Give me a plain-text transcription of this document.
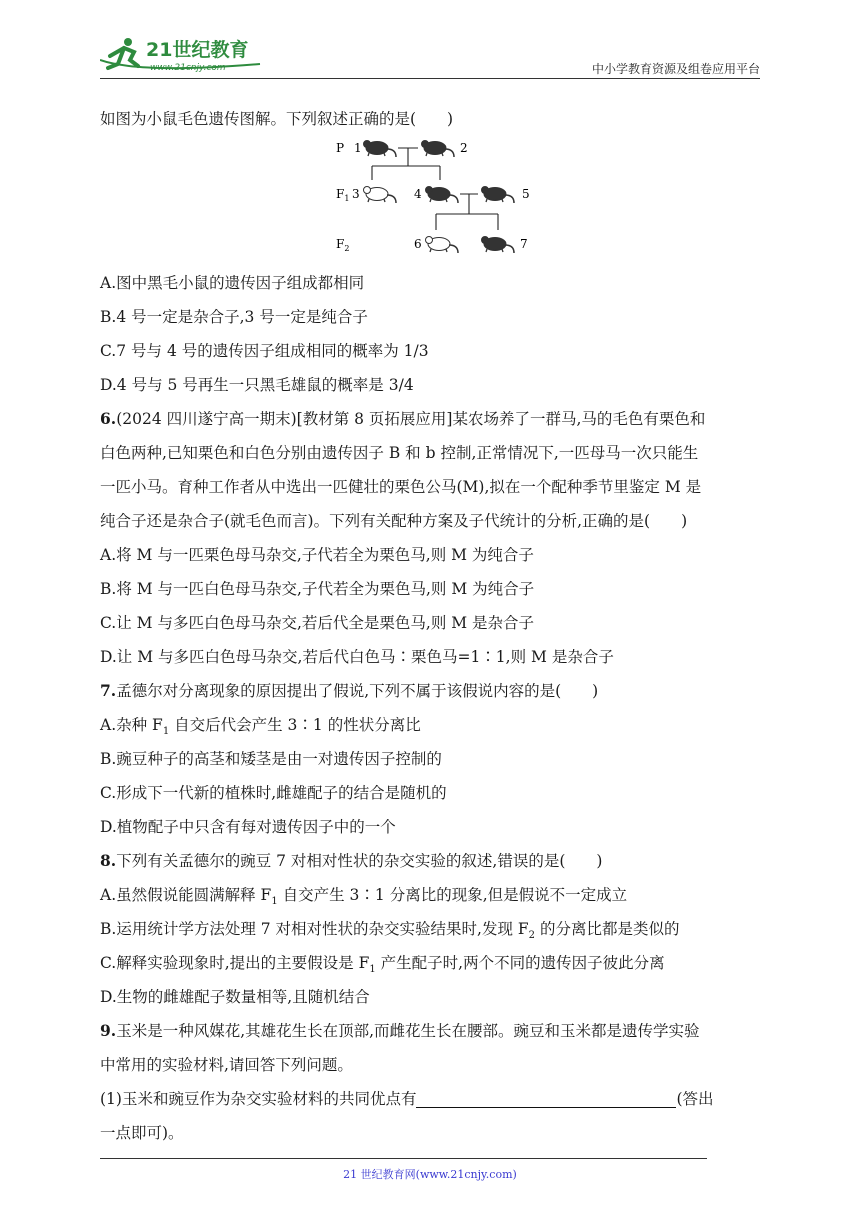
21世纪教育
www.21cnjy.com	中小学教育资源及组卷应用平台
如图为小鼠毛色遗传图解。下列叙述正确的是(　　)
P
$F_1$
$F_2$
1	2
3	4	5
6	7
A.图中黑毛小鼠的遗传因子组成都相同
B.4 号一定是杂合子,3 号一定是纯合子
C.7 号与 4 号的遗传因子组成相同的概率为 1/3
D.4 号与 5 号再生一只黑毛雄鼠的概率是 3/4
6.(2024 四川遂宁高一期末)[教材第 8 页拓展应用]某农场养了一群马,马的毛色有栗色和
白色两种,已知栗色和白色分别由遗传因子 B 和 b 控制,正常情况下,一匹母马一次只能生
一匹小马。育种工作者从中选出一匹健壮的栗色公马(M),拟在一个配种季节里鉴定 M 是
纯合子还是杂合子(就毛色而言)。下列有关配种方案及子代统计的分析,正确的是(　　)
A.将 M 与一匹栗色母马杂交,子代若全为栗色马,则 M 为纯合子
B.将 M 与一匹白色母马杂交,子代若全为栗色马,则 M 为纯合子
C.让 M 与多匹白色母马杂交,若后代全是栗色马,则 M 是杂合子
D.让 M 与多匹白色母马杂交,若后代白色马∶栗色马=1∶1,则 M 是杂合子
7.孟德尔对分离现象的原因提出了假说,下列不属于该假说内容的是(　　)
A.杂种 $F_1$ 自交后代会产生 3∶1 的性状分离比
B.豌豆种子的高茎和矮茎是由一对遗传因子控制的
C.形成下一代新的植株时,雌雄配子的结合是随机的
D.植物配子中只含有每对遗传因子中的一个
8.下列有关孟德尔的豌豆 7 对相对性状的杂交实验的叙述,错误的是(　　)
A.虽然假说能圆满解释 $F_1$ 自交产生 3∶1 分离比的现象,但是假说不一定成立
B.运用统计学方法处理 7 对相对性状的杂交实验结果时,发现 $F_2$ 的分离比都是类似的
C.解释实验现象时,提出的主要假设是 $F_1$ 产生配子时,两个不同的遗传因子彼此分离
D.生物的雌雄配子数量相等,且随机结合
9.玉米是一种风媒花,其雄花生长在顶部,而雌花生长在腰部。豌豆和玉米都是遗传学实验
中常用的实验材料,请回答下列问题。
(1)玉米和豌豆作为杂交实验材料的共同优点有	(答出
一点即可)。
21 世纪教育网(www.21cnjy.com)
